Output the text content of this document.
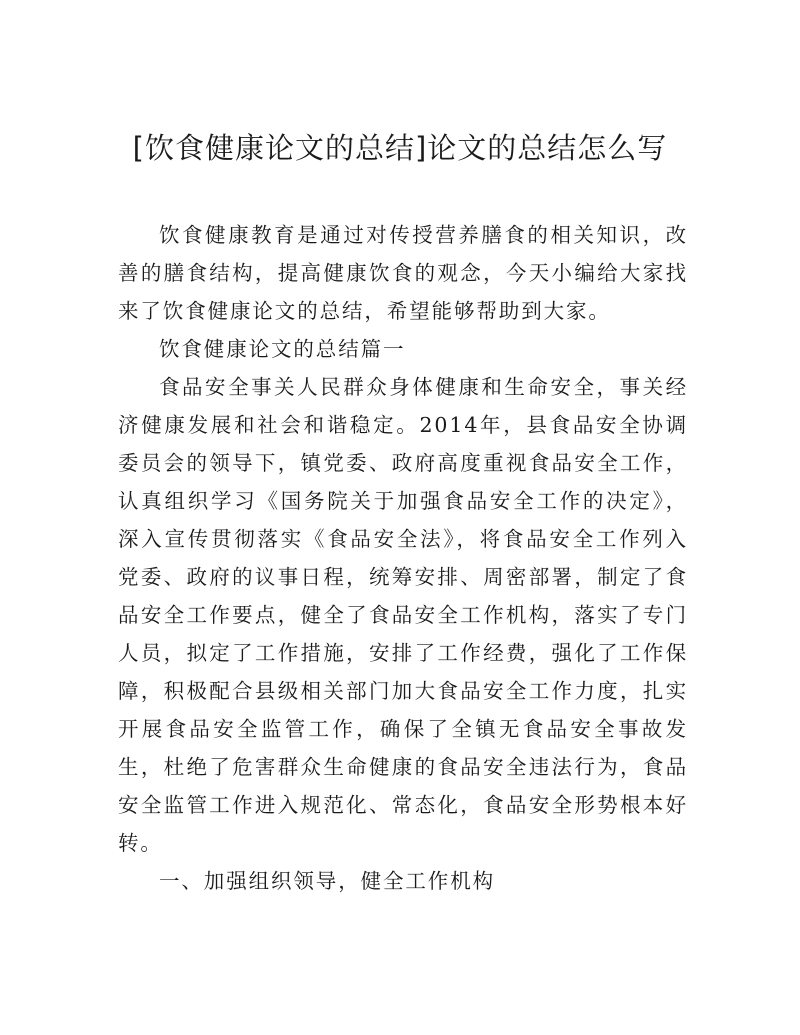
[饮食健康论文的总结]论文的总结怎么写

饮食健康教育是通过对传授营养膳食的相关知识，改善的膳食结构，提高健康饮食的观念，今天小编给大家找来了饮食健康论文的总结，希望能够帮助到大家。

饮食健康论文的总结篇一

食品安全事关人民群众身体健康和生命安全，事关经济健康发展和社会和谐稳定。2014年，县食品安全协调委员会的领导下，镇党委、政府高度重视食品安全工作，认真组织学习《国务院关于加强食品安全工作的决定》，深入宣传贯彻落实《食品安全法》，将食品安全工作列入党委、政府的议事日程，统筹安排、周密部署，制定了食品安全工作要点，健全了食品安全工作机构，落实了专门人员，拟定了工作措施，安排了工作经费，强化了工作保障，积极配合县级相关部门加大食品安全工作力度，扎实开展食品安全监管工作，确保了全镇无食品安全事故发生，杜绝了危害群众生命健康的食品安全违法行为，食品安全监管工作进入规范化、常态化，食品安全形势根本好转。

一、加强组织领导，健全工作机构
